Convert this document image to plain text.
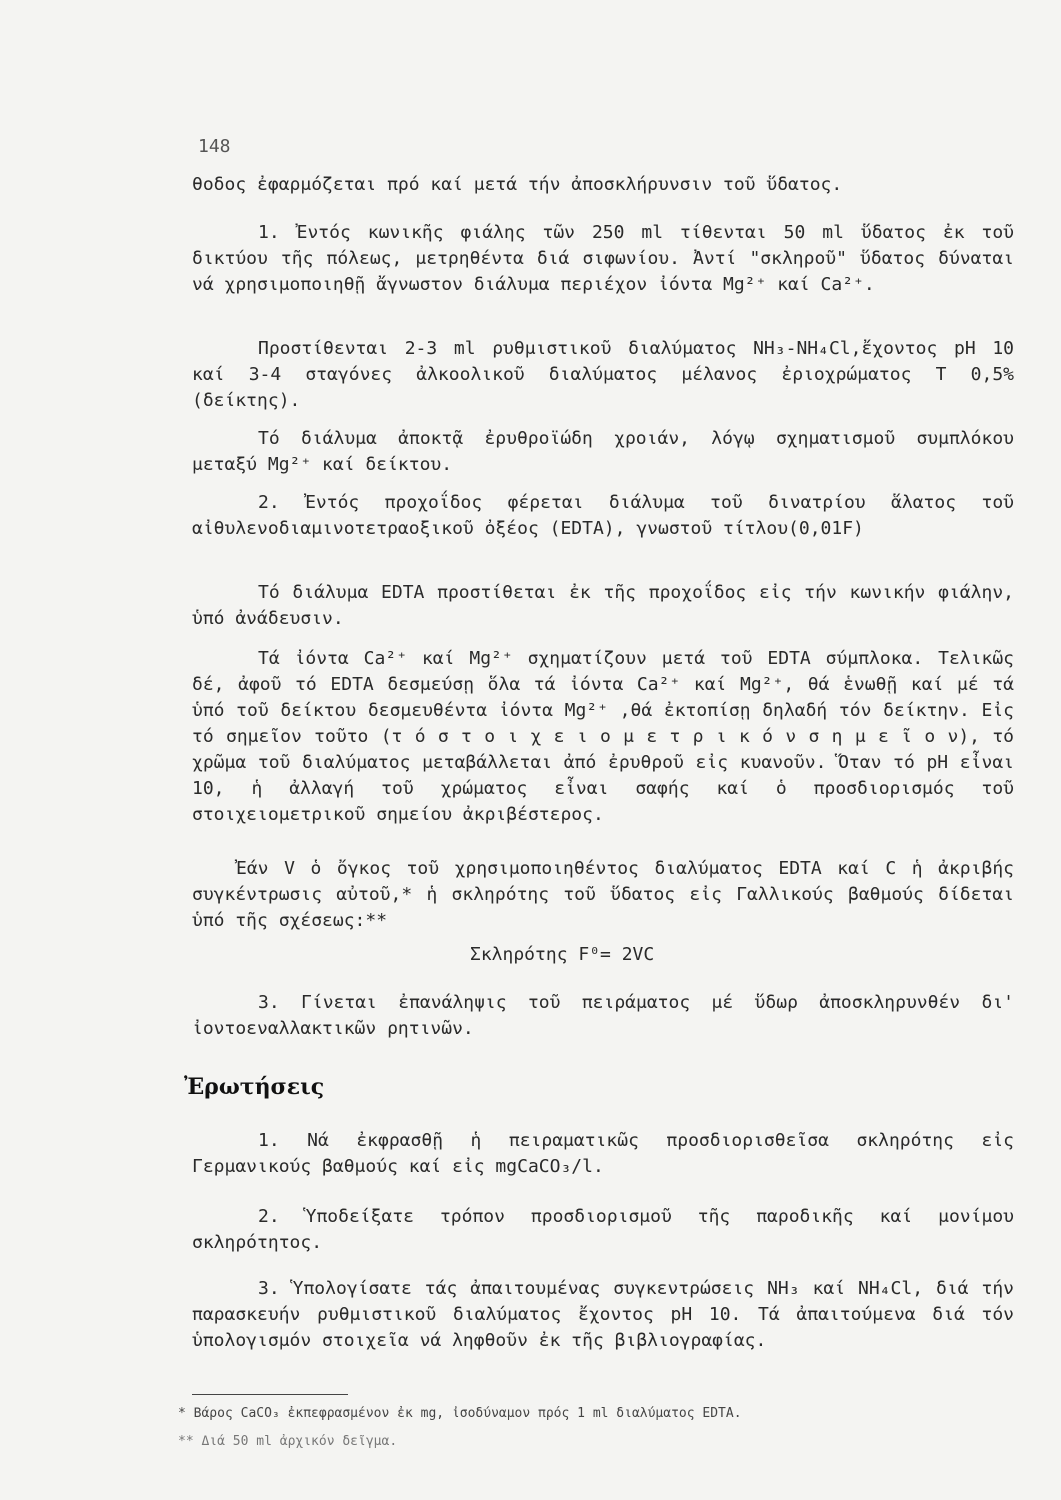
148

θοδος ἐφαρμόζεται πρό καί μετά τήν ἀποσκλήρυνσιν τοῦ ὕδατος.

1. Ἐντός κωνικῆς φιάλης τῶν 250 ml τίθενται 50 ml ὕδατος ἐκ τοῦ δικτύου τῆς πόλεως, μετρηθέντα διά σιφωνίου. Ἀντί "σκληροῦ" ὕδατος δύναται νά χρησιμοποιηθῇ ἄγνωστον διάλυμα περιέχον ἰόντα Mg²⁺ καί Ca²⁺.

Προστίθενται 2-3 ml ρυθμιστικοῦ διαλύματος NH₃-NH₄Cl,ἔχοντος pH 10 καί 3-4 σταγόνες ἀλκοολικοῦ διαλύματος μέλανος ἐριοχρώματος T 0,5% (δείκτης).

Τό διάλυμα ἀποκτᾷ ἐρυθροϊώδη χροιάν, λόγῳ σχηματισμοῦ συμπλόκου μεταξύ Mg²⁺ καί δείκτου.

2. Ἐντός προχοΐδος φέρεται διάλυμα τοῦ δινατρίου ἅλατος τοῦ αἰθυλενοδιαμινοτετραοξικοῦ ὀξέος (EDTA), γνωστοῦ τίτλου(0,01F)

Τό διάλυμα EDTA προστίθεται ἐκ τῆς προχοΐδος εἰς τήν κωνικήν φιάλην, ὑπό ἀνάδευσιν.

Τά ἰόντα Ca²⁺ καί Mg²⁺ σχηματίζουν μετά τοῦ EDTA σύμπλοκα. Τελικῶς δέ, ἀφοῦ τό EDTA δεσμεύσῃ ὅλα τά ἰόντα Ca²⁺ καί Mg²⁺, θά ἑνωθῇ καί μέ τά ὑπό τοῦ δείκτου δεσμευθέντα ἰόντα Mg²⁺ ,θά ἐκτοπίσῃ δηλαδή τόν δείκτην. Εἰς τό σημεῖον τοῦτο (τ ό σ τ ο ι χ ε ι ο μ ε τ ρ ι κ ό ν σ η μ ε ῖ ο ν), τό χρῶμα τοῦ διαλύματος μεταβάλλεται ἀπό ἐρυθροῦ εἰς κυανοῦν. Ὅταν τό pH εἶναι 10, ἡ ἀλλαγή τοῦ χρώματος εἶναι σαφής καί ὁ προσδιορισμός τοῦ στοιχειομετρικοῦ σημείου ἀκριβέστερος.

Ἐάν V ὁ ὄγκος τοῦ χρησιμοποιηθέντος διαλύματος EDTA καί C ἡ ἀκριβής συγκέντρωσις αὐτοῦ,* ἡ σκληρότης τοῦ ὕδατος εἰς Γαλλικούς βαθμούς δίδεται ὑπό τῆς σχέσεως:**

Σκληρότης F⁰= 2VC

3. Γίνεται ἐπανάληψις τοῦ πειράματος μέ ὕδωρ ἀποσκληρυνθέν δι' ἰοντοεναλλακτικῶν ρητινῶν.

Ἐρωτήσεις

1. Νά ἐκφρασθῇ ἡ πειραματικῶς προσδιορισθεῖσα σκληρότης εἰς Γερμανικούς βαθμούς καί εἰς mgCaCO₃/l.

2. Ὑποδείξατε τρόπον προσδιορισμοῦ τῆς παροδικῆς καί μονίμου σκληρότητος.

3. Ὑπολογίσατε τάς ἀπαιτουμένας συγκεντρώσεις NH₃ καί NH₄Cl, διά τήν παρασκευήν ρυθμιστικοῦ διαλύματος ἔχοντος pH 10. Τά ἀπαιτούμενα διά τόν ὑπολογισμόν στοιχεῖα νά ληφθοῦν ἐκ τῆς βιβλιογραφίας.

* Βάρος CaCO₃ ἐκπεφρασμένον ἐκ mg, ἰσοδύναμον πρός 1 ml διαλύματος EDTA.
** Διά 50 ml ἀρχικόν δεῖγμα.
